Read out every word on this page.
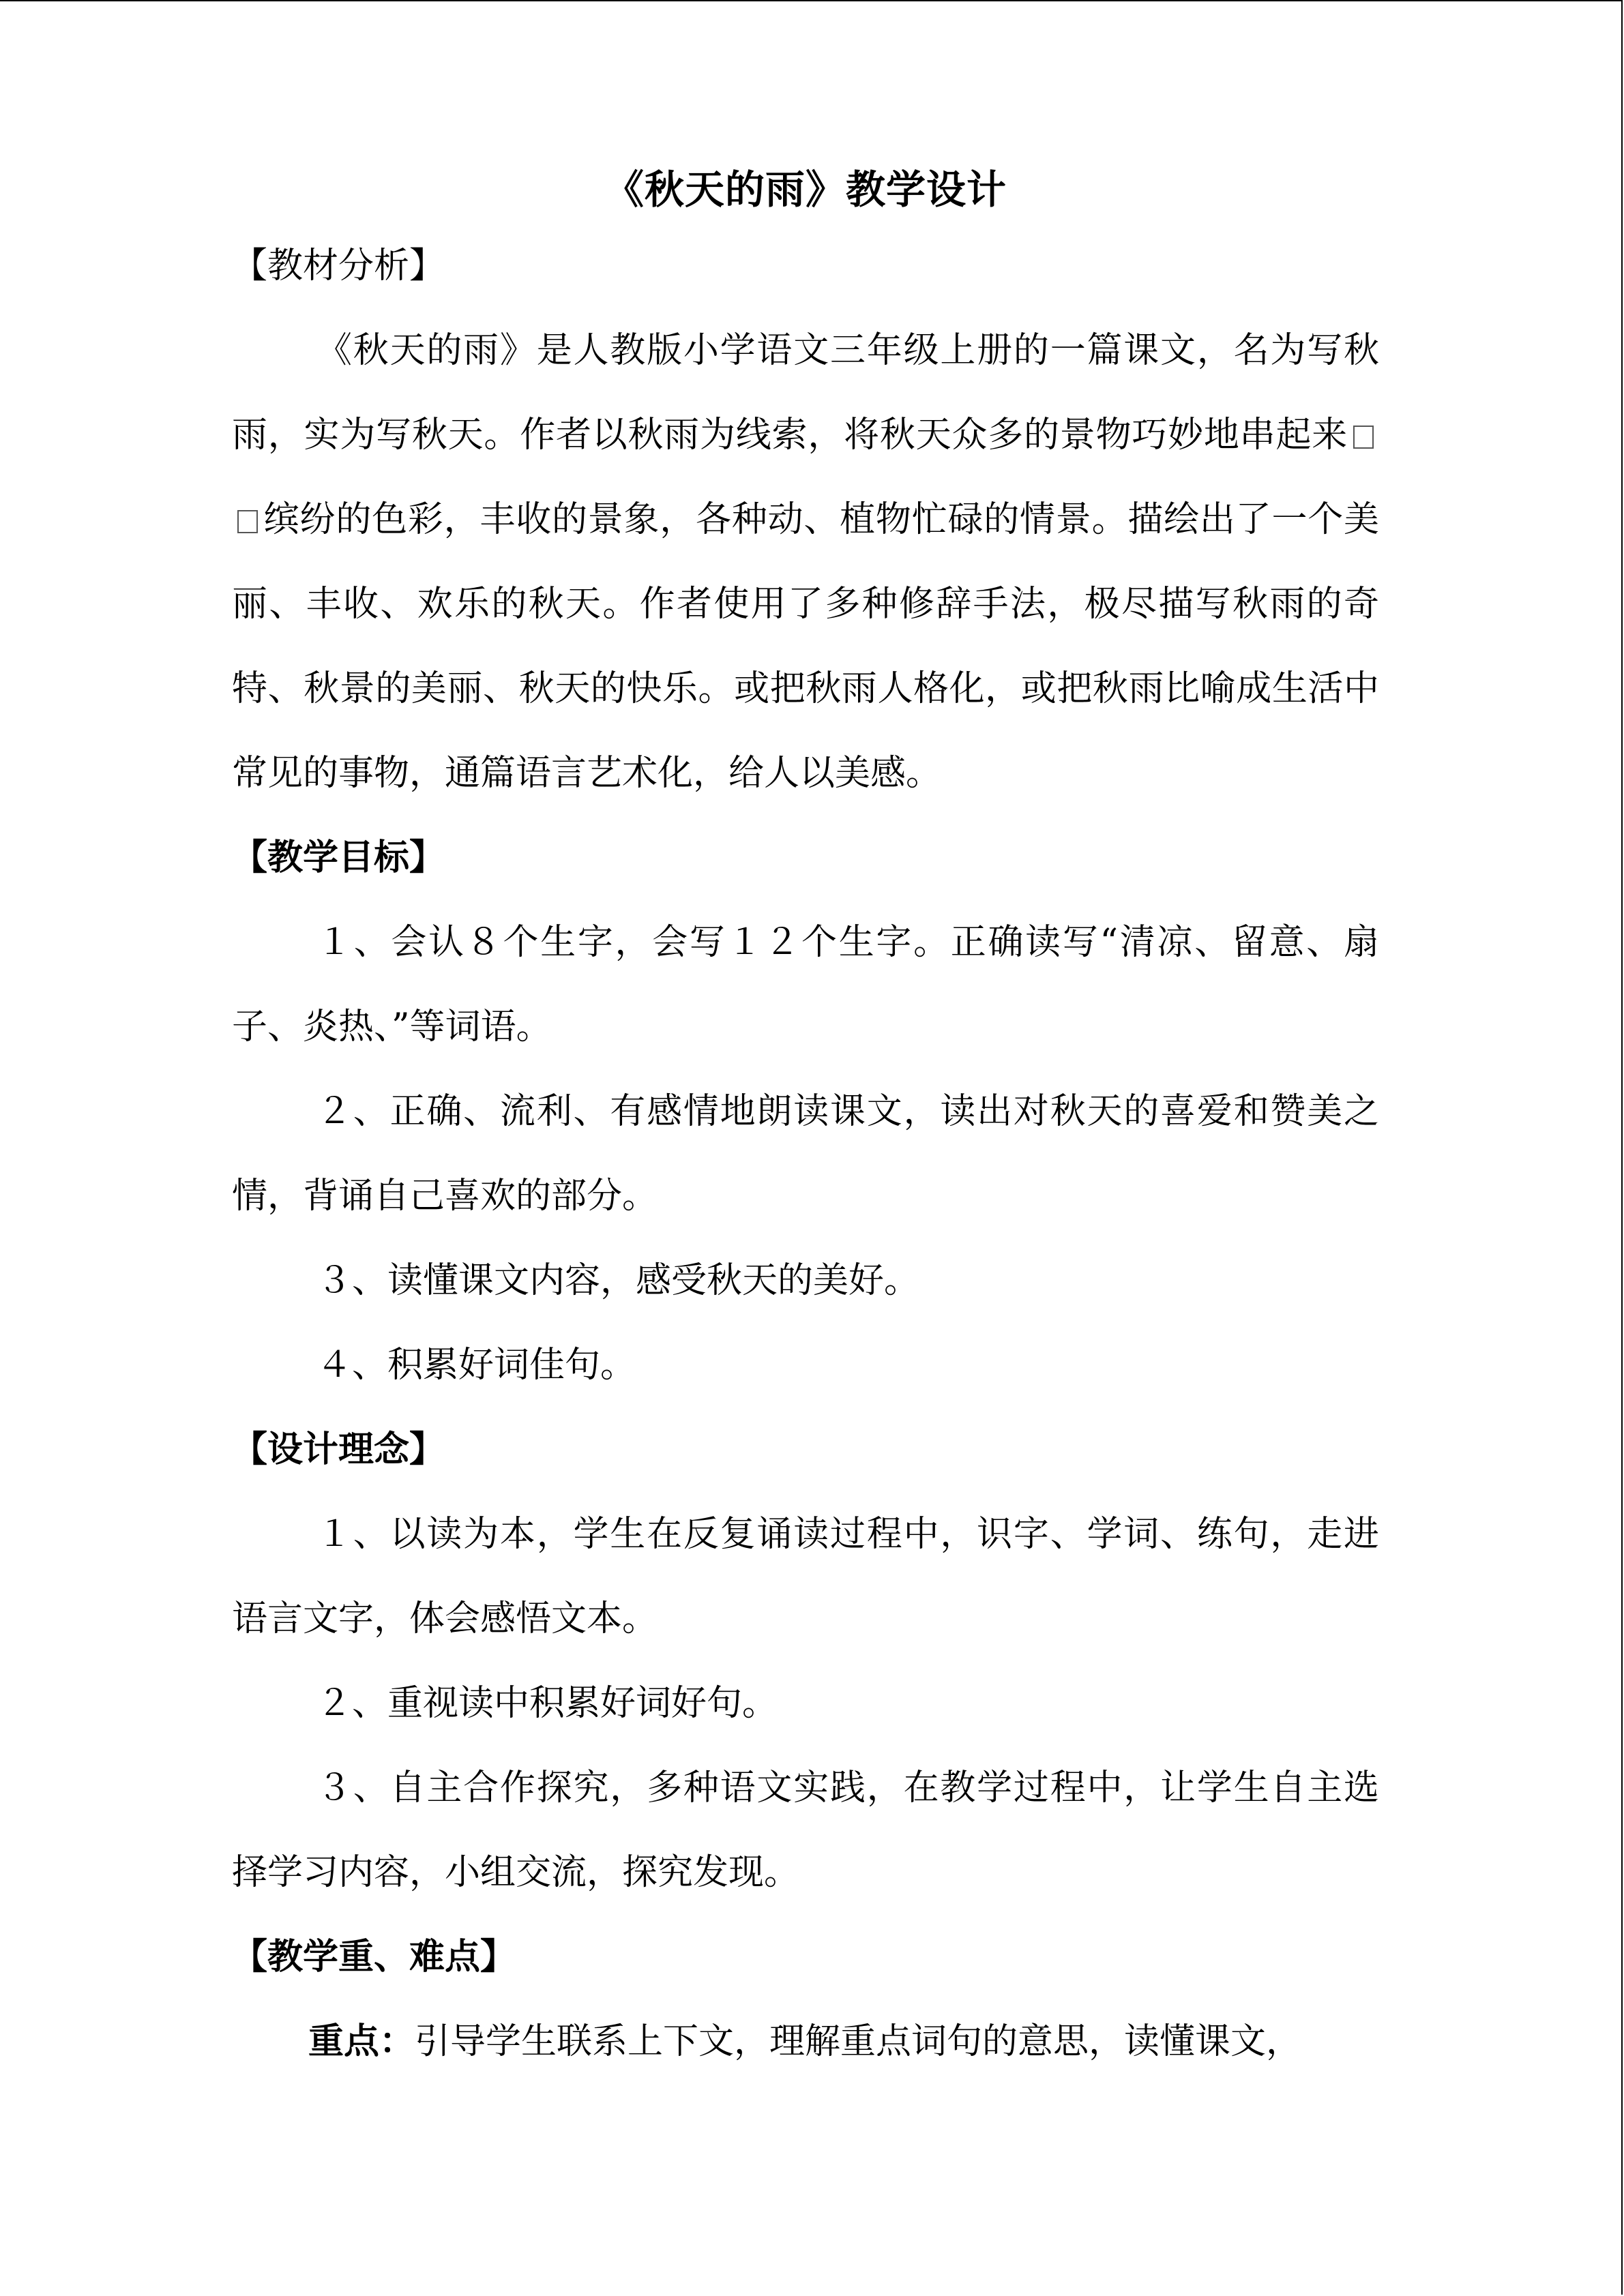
《秋天的雨》教学设计

【教材分析】

《秋天的雨》是人教版小学语文三年级上册的一篇课文，名为写秋雨，实为写秋天。作者以秋雨为线索，将秋天众多的景物巧妙地串起来缤纷的色彩，丰收的景象，各种动、植物忙碌的情景。描绘出了一个美丽、丰收、欢乐的秋天。作者使用了多种修辞手法，极尽描写秋雨的奇特、秋景的美丽、秋天的快乐。或把秋雨人格化，或把秋雨比喻成生活中常见的事物，通篇语言艺术化，给人以美感。

【教学目标】

１、会认８个生字，会写１２个生字。正确读写“清凉、留意、扇子、炎热、”等词语。

２、正确、流利、有感情地朗读课文，读出对秋天的喜爱和赞美之情，背诵自己喜欢的部分。

３、读懂课文内容，感受秋天的美好。

４、积累好词佳句。

【设计理念】

１、以读为本，学生在反复诵读过程中，识字、学词、练句，走进语言文字，体会感悟文本。

２、重视读中积累好词好句。

３、自主合作探究，多种语文实践，在教学过程中，让学生自主选择学习内容，小组交流，探究发现。

【教学重、难点】

重点：引导学生联系上下文，理解重点词句的意思，读懂课文，
